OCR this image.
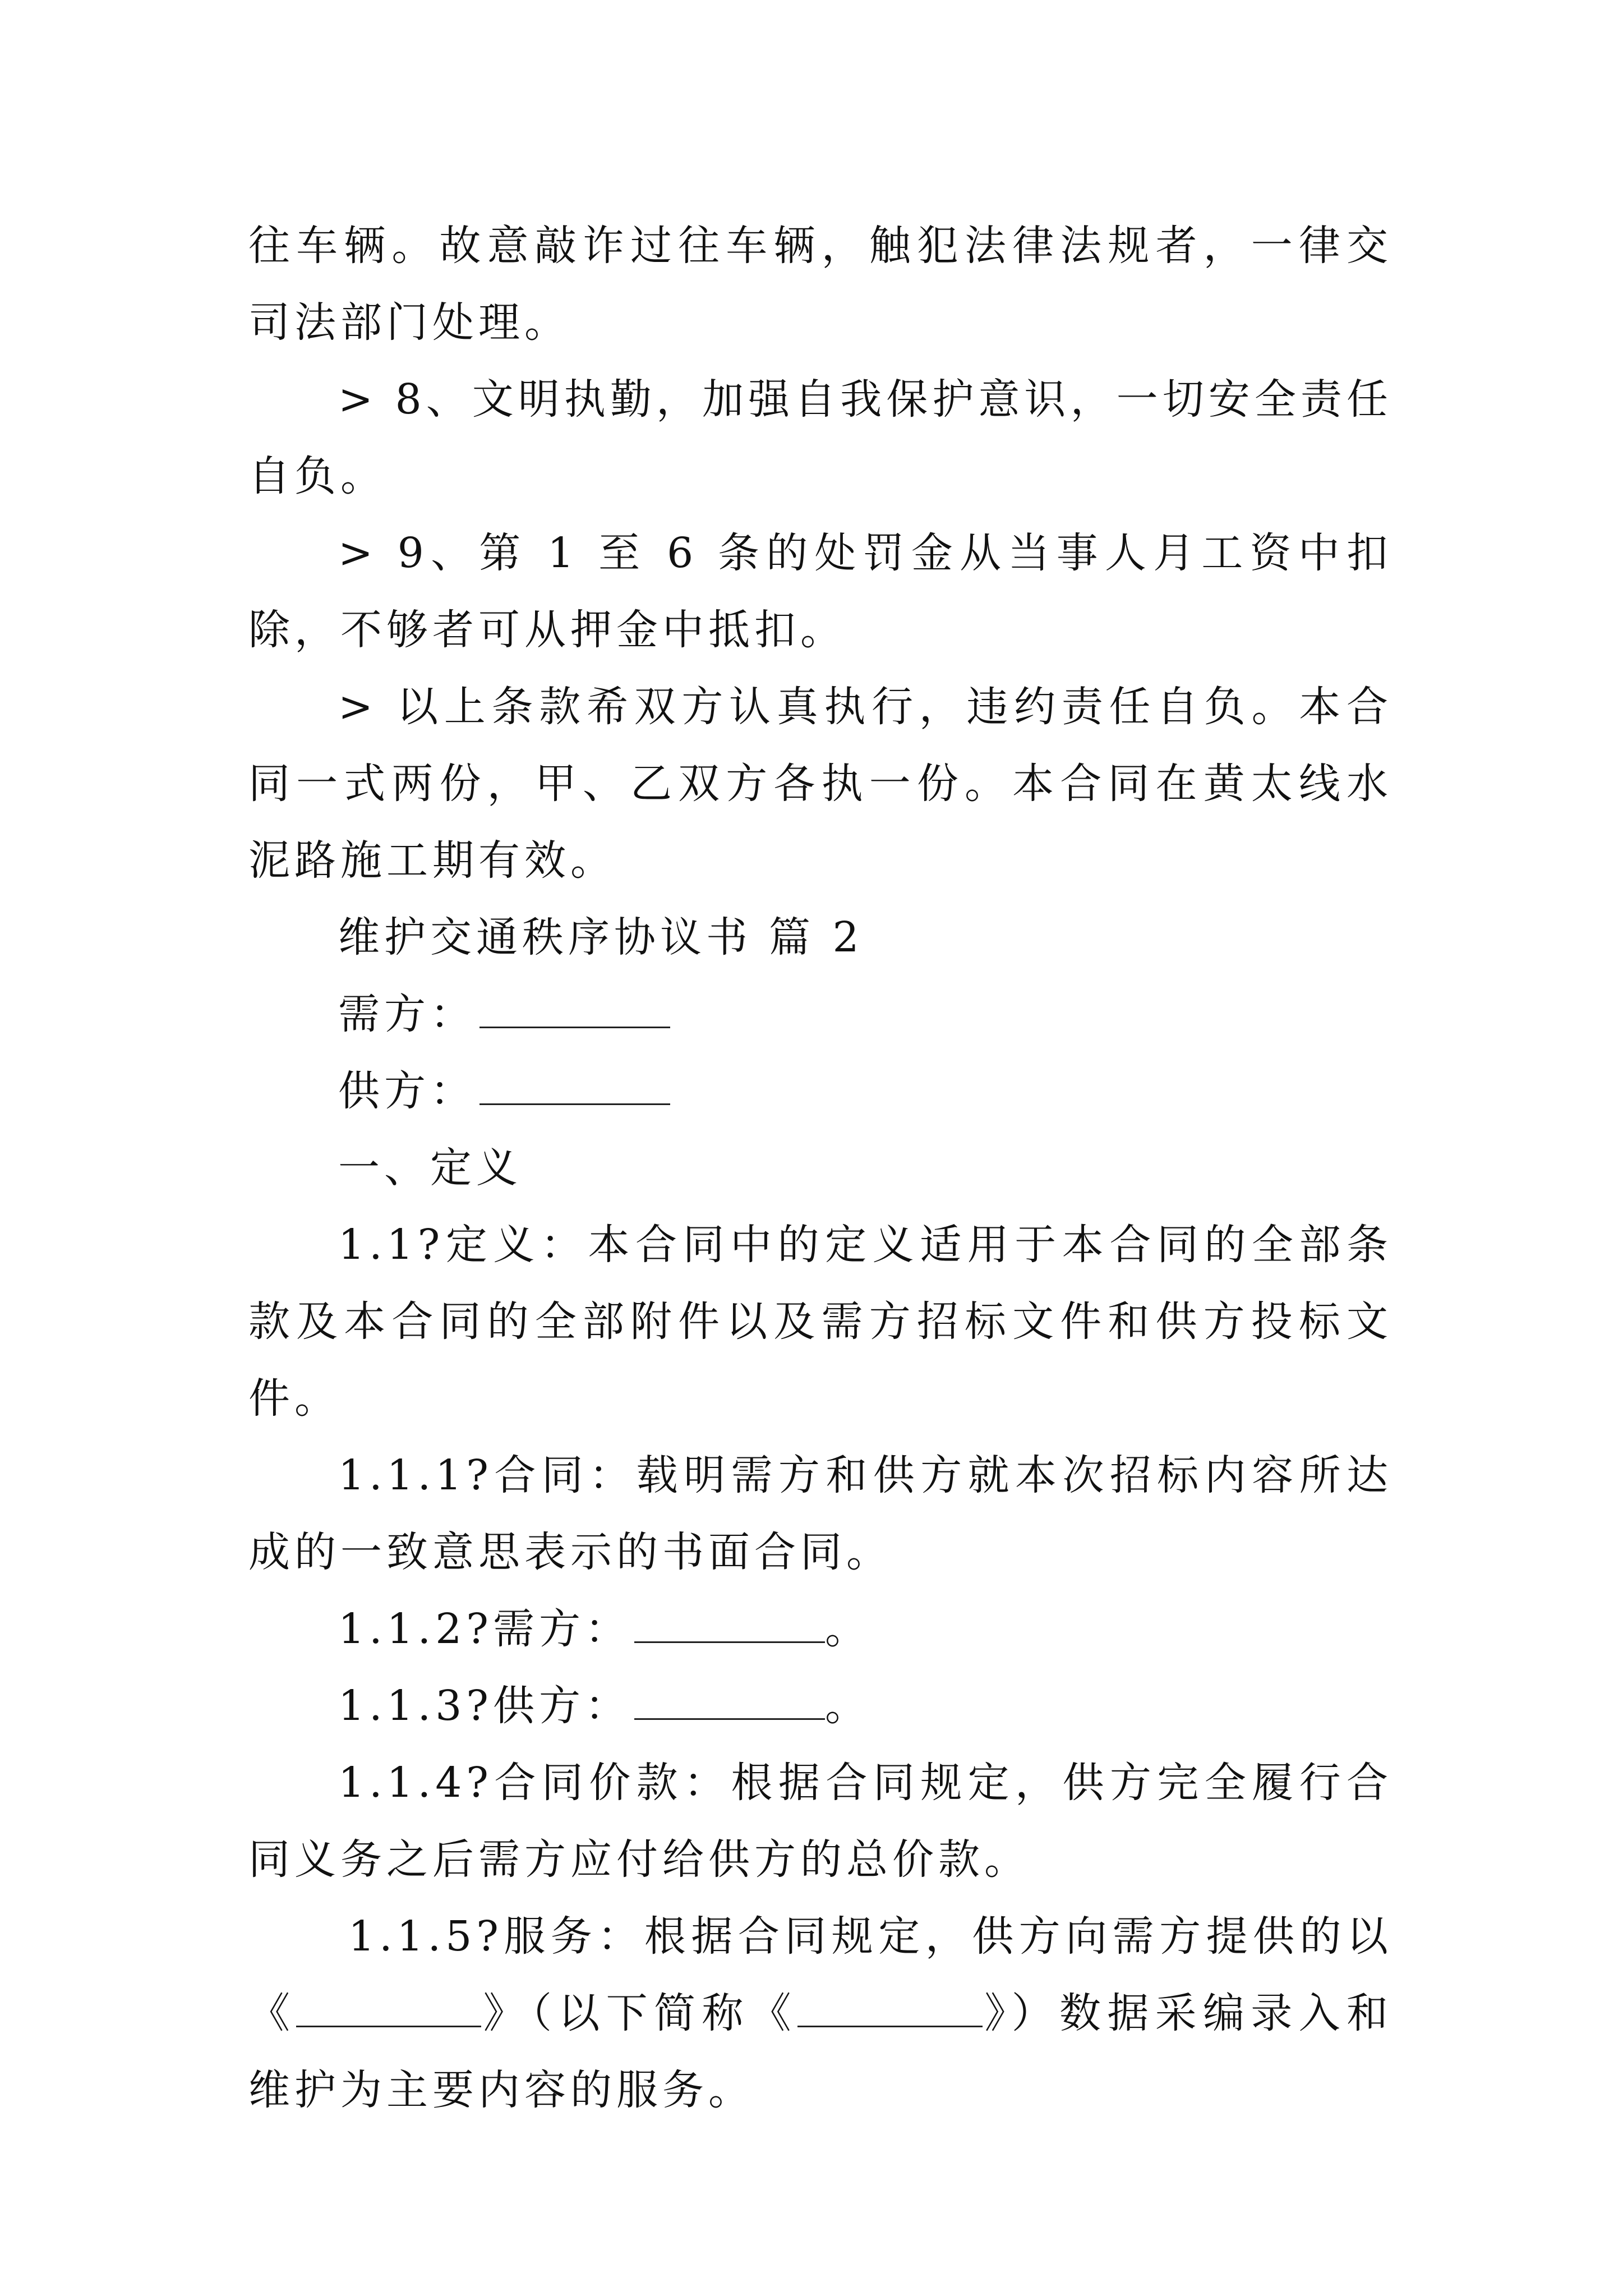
往车辆。故意敲诈过往车辆，触犯法律法规者，一律交司法部门处理。

> 8、文明执勤，加强自我保护意识，一切安全责任自负。

> 9、第 1 至 6 条的处罚金从当事人月工资中扣除，不够者可从押金中抵扣。

> 以上条款希双方认真执行，违约责任自负。本合同一式两份，甲、乙双方各执一份。本合同在黄太线水泥路施工期有效。

维护交通秩序协议书 篇 2

需方：

供方：

一、定义

1.1?定义：本合同中的定义适用于本合同的全部条款及本合同的全部附件以及需方招标文件和供方投标文件。

1.1.1?合同：载明需方和供方就本次招标内容所达成的一致意思表示的书面合同。

1.1.2?需方：	。

1.1.3?供方：	。

1.1.4?合同价款：根据合同规定，供方完全履行合同义务之后需方应付给供方的总价款。

1.1.5?服务：根据合同规定，供方向需方提供的以《	》（以下简称《	》）数据采编录入和维护为主要内容的服务。
